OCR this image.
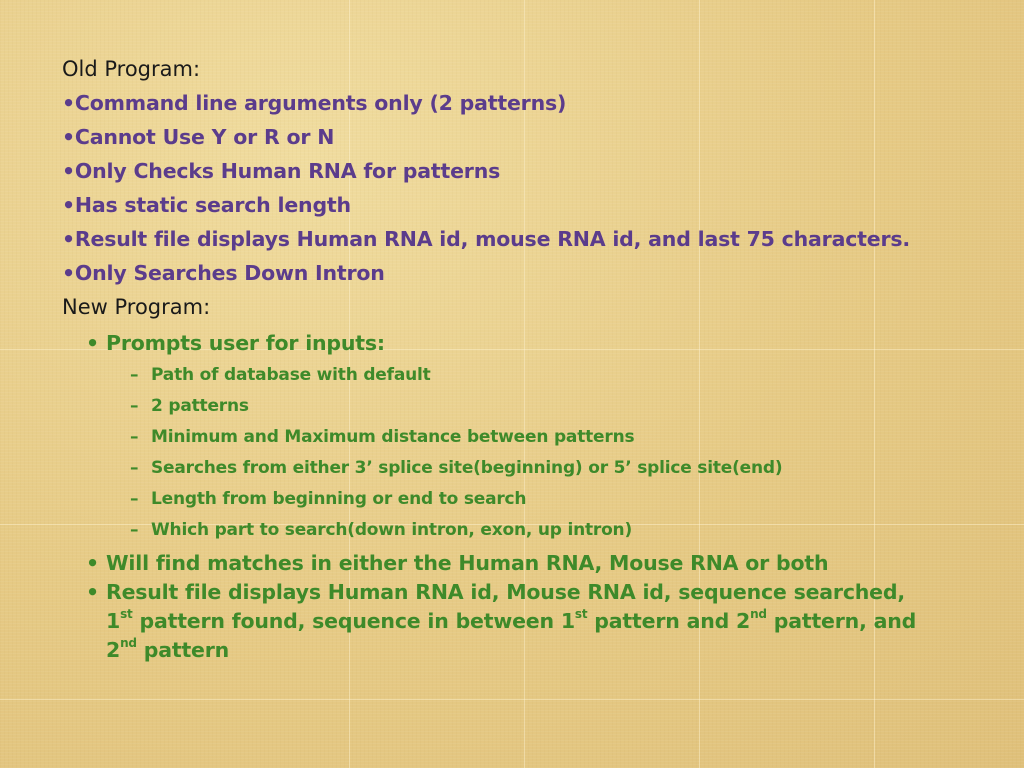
Old Program:
•Command line arguments only (2 patterns)
•Cannot Use Y or R or N
•Only Checks Human RNA for patterns
•Has static search length
•Result file displays Human RNA id, mouse RNA id, and last 75 characters.
•Only Searches Down Intron
New Program:
• Prompts user for inputs:
– Path of database with default
– 2 patterns
– Minimum and Maximum distance between patterns
– Searches from either 3’ splice site(beginning) or 5’ splice site(end)
– Length from beginning or end to search
– Which part to search(down intron, exon, up intron)
• Will find matches in either the Human RNA, Mouse RNA or both
• Result file displays Human RNA id, Mouse RNA id, sequence searched,
1st pattern found, sequence in between 1st pattern and 2nd pattern, and
2nd pattern
